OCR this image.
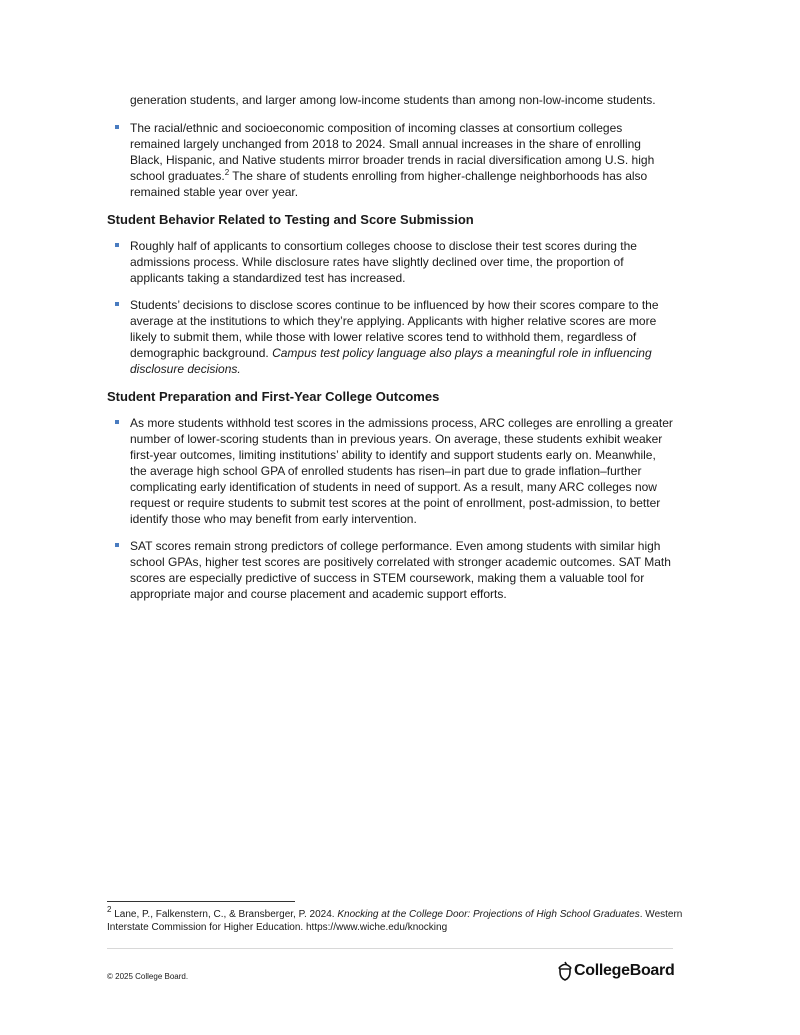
generation students, and larger among low-income students than among non-low-income students.

The racial/ethnic and socioeconomic composition of incoming classes at consortium colleges remained largely unchanged from 2018 to 2024. Small annual increases in the share of enrolling Black, Hispanic, and Native students mirror broader trends in racial diversification among U.S. high school graduates.$^2$ The share of students enrolling from higher-challenge neighborhoods has also remained stable year over year.
Student Behavior Related to Testing and Score Submission
Roughly half of applicants to consortium colleges choose to disclose their test scores during the admissions process. While disclosure rates have slightly declined over time, the proportion of applicants taking a standardized test has increased.
Students’ decisions to disclose scores continue to be influenced by how their scores compare to the average at the institutions to which they’re applying. Applicants with higher relative scores are more likely to submit them, while those with lower relative scores tend to withhold them, regardless of demographic background. Campus test policy language also plays a meaningful role in influencing disclosure decisions.
Student Preparation and First-Year College Outcomes
As more students withhold test scores in the admissions process, ARC colleges are enrolling a greater number of lower-scoring students than in previous years. On average, these students exhibit weaker first-year outcomes, limiting institutions’ ability to identify and support students early on. Meanwhile, the average high school GPA of enrolled students has risen–in part due to grade inflation–further complicating early identification of students in need of support. As a result, many ARC colleges now request or require students to submit test scores at the point of enrollment, post-admission, to better identify those who may benefit from early intervention.
SAT scores remain strong predictors of college performance. Even among students with similar high school GPAs, higher test scores are positively correlated with stronger academic outcomes. SAT Math scores are especially predictive of success in STEM coursework, making them a valuable tool for appropriate major and course placement and academic support efforts.
$^2$ Lane, P., Falkenstern, C., & Bransberger, P. 2024. Knocking at the College Door: Projections of High School Graduates. Western Interstate Commission for Higher Education. https://www.wiche.edu/knocking
© 2025 College Board.	CollegeBoard
